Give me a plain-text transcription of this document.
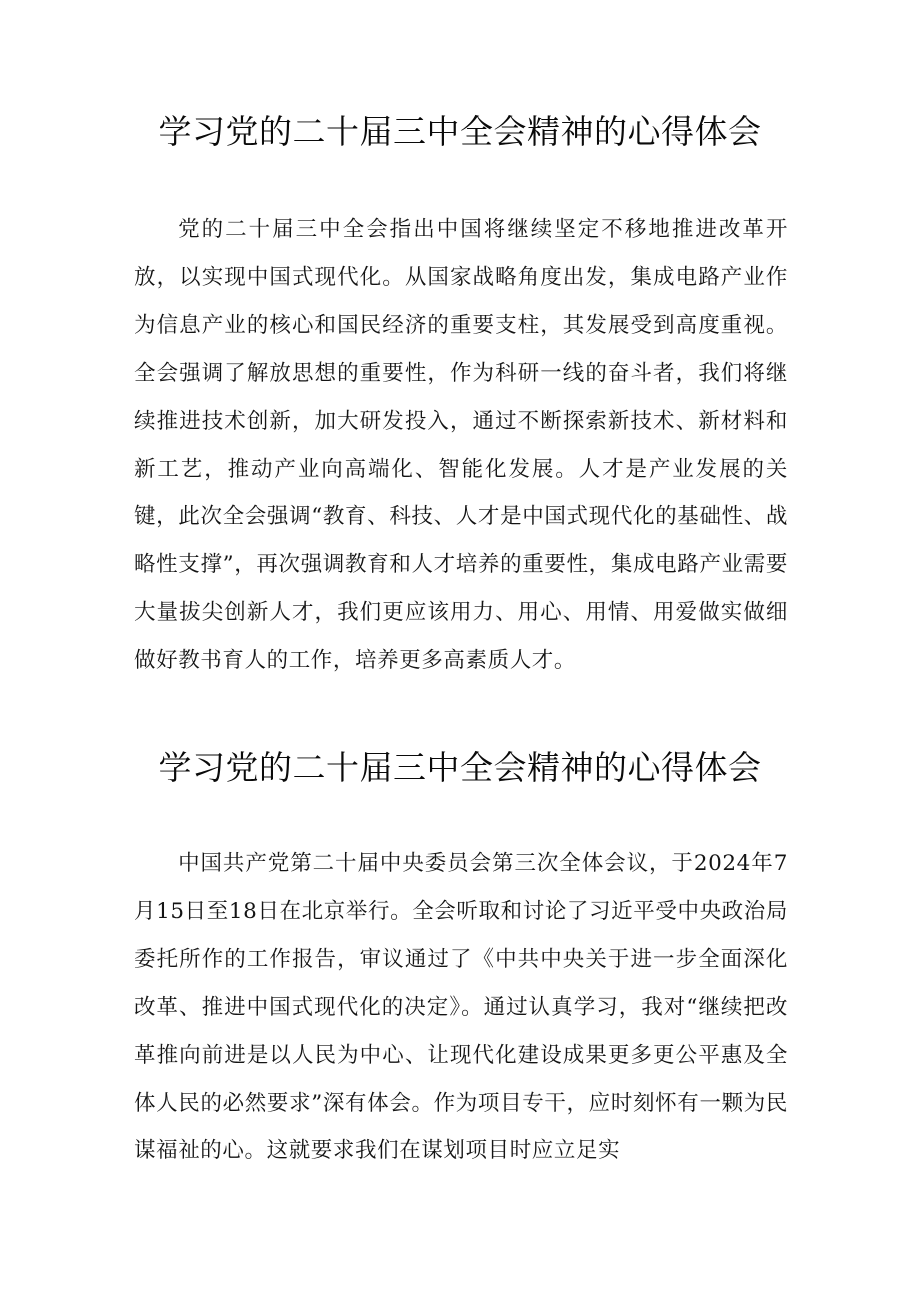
学习党的二十届三中全会精神的心得体会

党的二十届三中全会指出中国将继续坚定不移地推进改革开放，以实现中国式现代化。从国家战略角度出发，集成电路产业作为信息产业的核心和国民经济的重要支柱，其发展受到高度重视。全会强调了解放思想的重要性，作为科研一线的奋斗者，我们将继续推进技术创新，加大研发投入，通过不断探索新技术、新材料和新工艺，推动产业向高端化、智能化发展。人才是产业发展的关键，此次全会强调“教育、科技、人才是中国式现代化的基础性、战略性支撑”，再次强调教育和人才培养的重要性，集成电路产业需要大量拔尖创新人才，我们更应该用力、用心、用情、用爱做实做细做好教书育人的工作，培养更多高素质人才。

学习党的二十届三中全会精神的心得体会

中国共产党第二十届中央委员会第三次全体会议，于2024年7月15日至18日在北京举行。全会听取和讨论了习近平受中央政治局委托所作的工作报告，审议通过了《中共中央关于进一步全面深化改革、推进中国式现代化的决定》。通过认真学习，我对“继续把改革推向前进是以人民为中心、让现代化建设成果更多更公平惠及全体人民的必然要求”深有体会。作为项目专干，应时刻怀有一颗为民谋福祉的心。这就要求我们在谋划项目时应立足实
